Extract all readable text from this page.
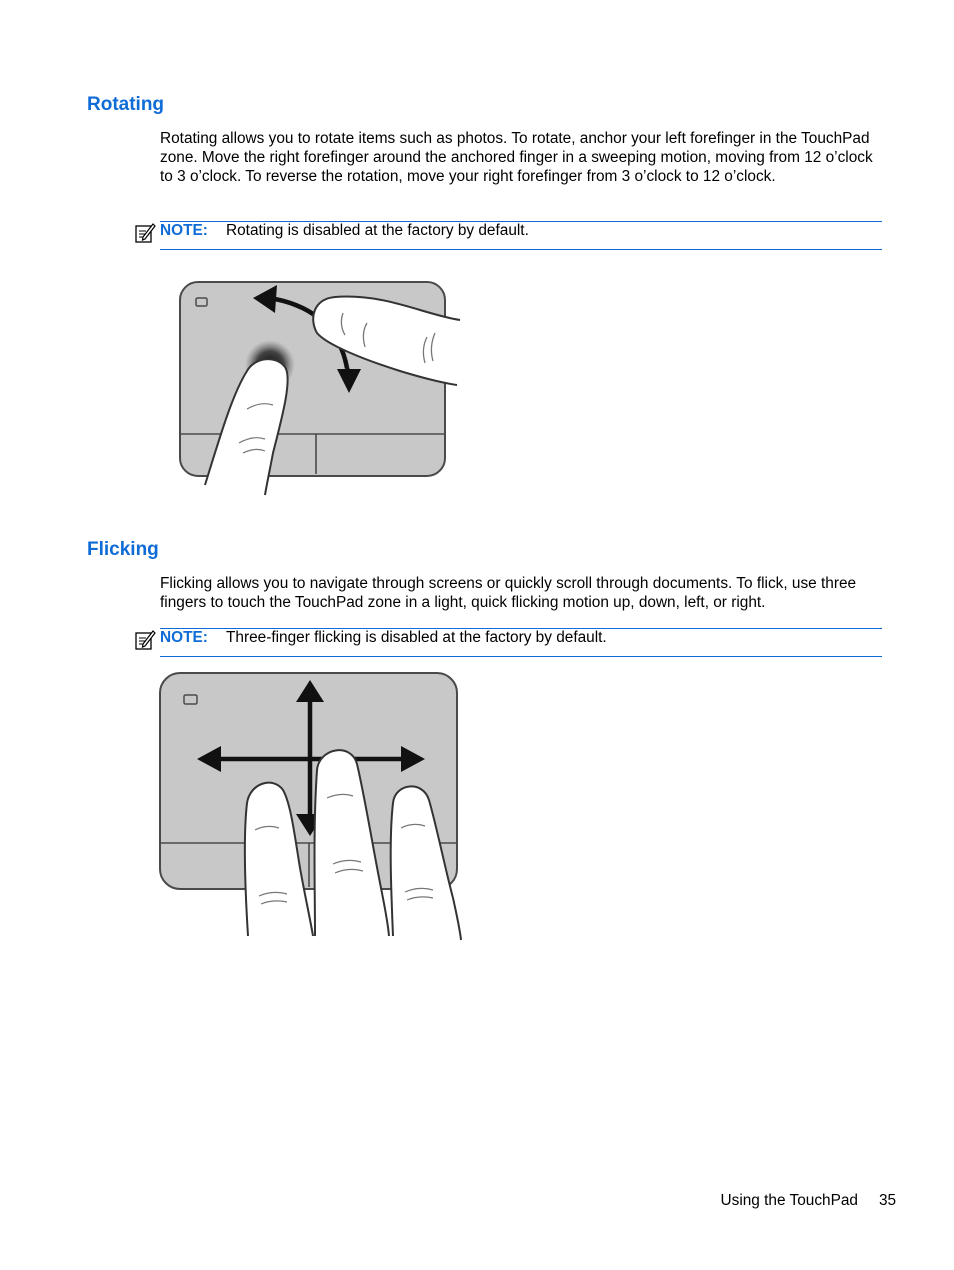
Rotating

Rotating allows you to rotate items such as photos. To rotate, anchor your left forefinger in the TouchPad zone. Move the right forefinger around the anchored finger in a sweeping motion, moving from 12 o’clock to 3 o’clock. To reverse the rotation, move your right forefinger from 3 o’clock to 12 o’clock.

NOTE: Rotating is disabled at the factory by default.
Flicking

Flicking allows you to navigate through screens or quickly scroll through documents. To flick, use three fingers to touch the TouchPad zone in a light, quick flicking motion up, down, left, or right.

NOTE: Three-finger flicking is disabled at the factory by default.
Using the TouchPad 35
